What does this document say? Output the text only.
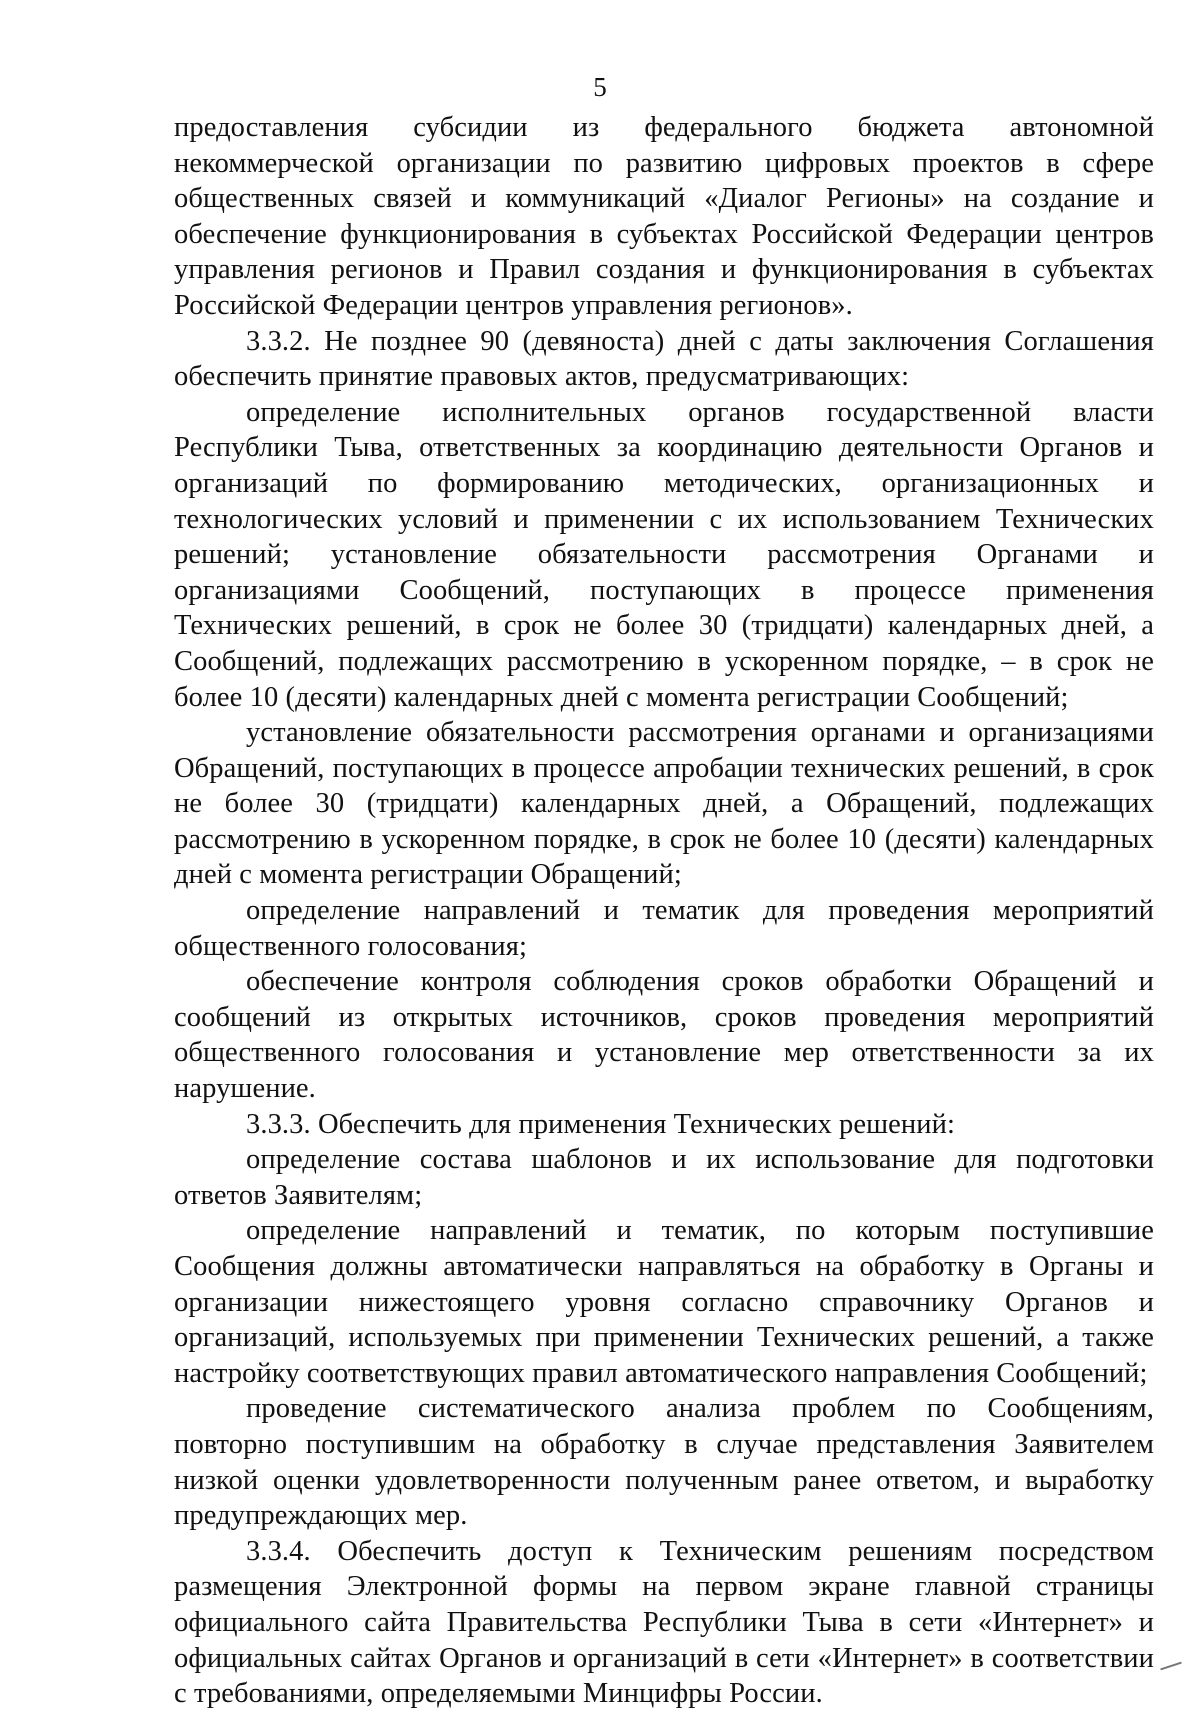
5

предоставления субсидии из федерального бюджета автономной некоммерческой организации по развитию цифровых проектов в сфере общественных связей и коммуникаций «Диалог Регионы» на создание и обеспечение функционирования в субъектах Российской Федерации центров управления регионов и Правил создания и функционирования в субъектах Российской Федерации центров управления регионов».

3.3.2. Не позднее 90 (девяноста) дней с даты заключения Соглашения обеспечить принятие правовых актов, предусматривающих:

определение исполнительных органов государственной власти Республики Тыва, ответственных за координацию деятельности Органов и организаций по формированию методических, организационных и технологических условий и применении с их использованием Технических решений; установление обязательности рассмотрения Органами и организациями Сообщений, поступающих в процессе применения Технических решений, в срок не более 30 (тридцати) календарных дней, а Сообщений, подлежащих рассмотрению в ускоренном порядке, – в срок не более 10 (десяти) календарных дней с момента регистрации Сообщений;

установление обязательности рассмотрения органами и организациями Обращений, поступающих в процессе апробации технических решений, в срок не более 30 (тридцати) календарных дней, а Обращений, подлежащих рассмотрению в ускоренном порядке, в срок не более 10 (десяти) календарных дней с момента регистрации Обращений;

определение направлений и тематик для проведения мероприятий общественного голосования;

обеспечение контроля соблюдения сроков обработки Обращений и сообщений из открытых источников, сроков проведения мероприятий общественного голосования и установление мер ответственности за их нарушение.

3.3.3. Обеспечить для применения Технических решений:

определение состава шаблонов и их использование для подготовки ответов Заявителям;

определение направлений и тематик, по которым поступившие Сообщения должны автоматически направляться на обработку в Органы и организации нижестоящего уровня согласно справочнику Органов и организаций, используемых при применении Технических решений, а также настройку соответствующих правил автоматического направления Сообщений;

проведение систематического анализа проблем по Сообщениям, повторно поступившим на обработку в случае представления Заявителем низкой оценки удовлетворенности полученным ранее ответом, и выработку предупреждающих мер.

3.3.4. Обеспечить доступ к Техническим решениям посредством размещения Электронной формы на первом экране главной страницы официального сайта Правительства Республики Тыва в сети «Интернет» и официальных сайтах Органов и организаций в сети «Интернет» в соответствии с требованиями, определяемыми Минцифры России.
